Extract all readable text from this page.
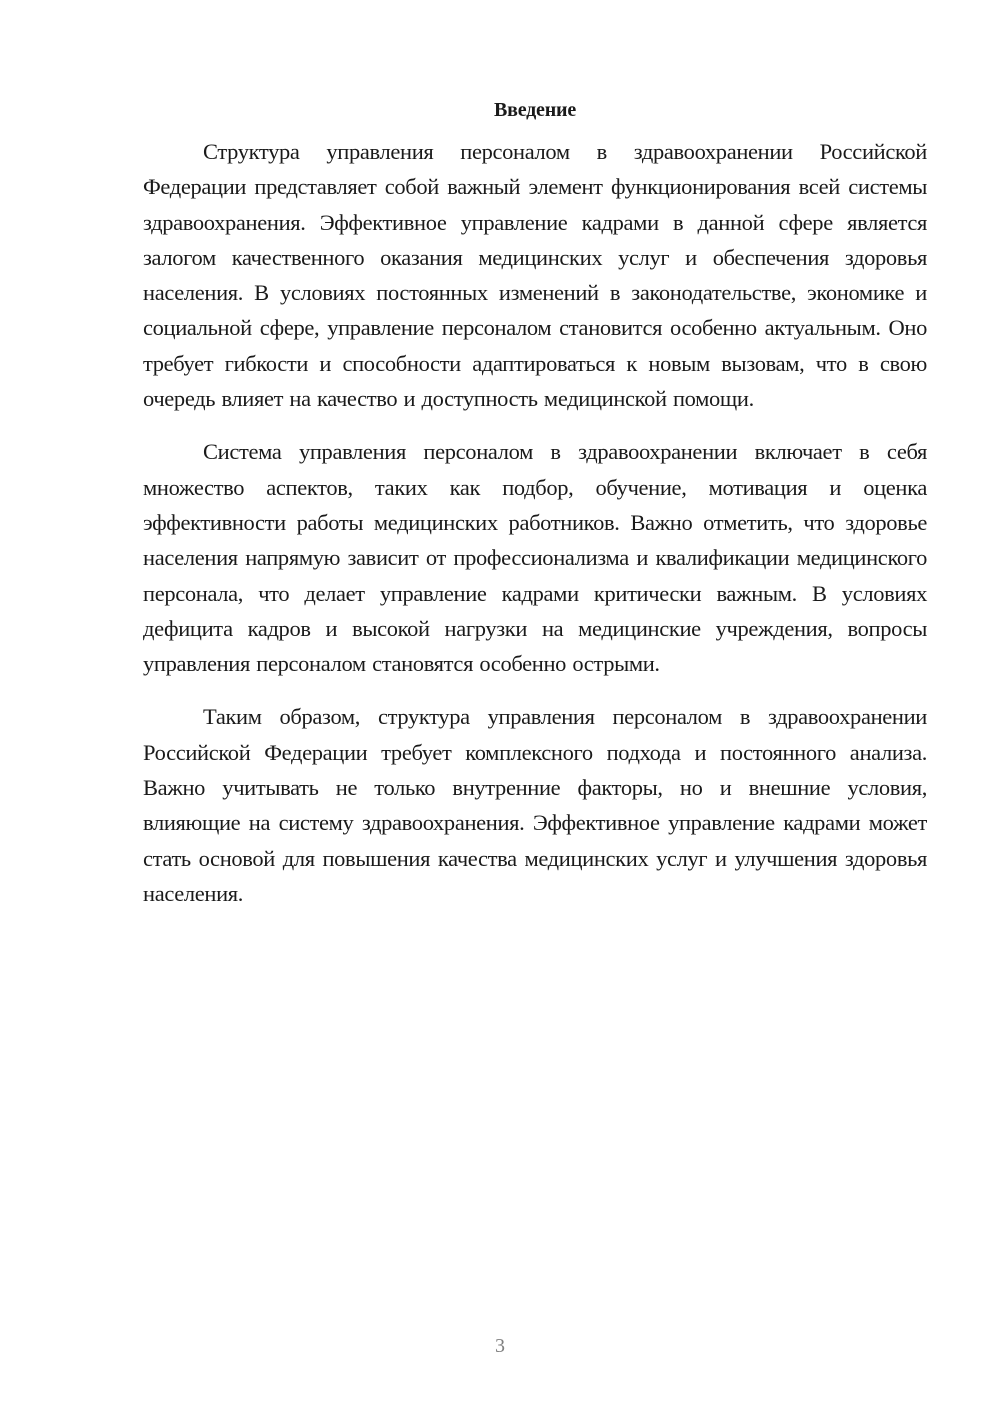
Введение

Структура управления персоналом в здравоохранении Российской Федерации представляет собой важный элемент функционирования всей системы здравоохранения. Эффективное управление кадрами в данной сфере является залогом качественного оказания медицинских услуг и обеспечения здоровья населения. В условиях постоянных изменений в законодательстве, экономике и социальной сфере, управление персоналом становится особенно актуальным. Оно требует гибкости и способности адаптироваться к новым вызовам, что в свою очередь влияет на качество и доступность медицинской помощи.

Система управления персоналом в здравоохранении включает в себя множество аспектов, таких как подбор, обучение, мотивация и оценка эффективности работы медицинских работников. Важно отметить, что здоровье населения напрямую зависит от профессионализма и квалификации медицинского персонала, что делает управление кадрами критически важным. В условиях дефицита кадров и высокой нагрузки на медицинские учреждения, вопросы управления персоналом становятся особенно острыми.

Таким образом, структура управления персоналом в здравоохранении Российской Федерации требует комплексного подхода и постоянного анализа. Важно учитывать не только внутренние факторы, но и внешние условия, влияющие на систему здравоохранения. Эффективное управление кадрами может стать основой для повышения качества медицинских услуг и улучшения здоровья населения.

3
